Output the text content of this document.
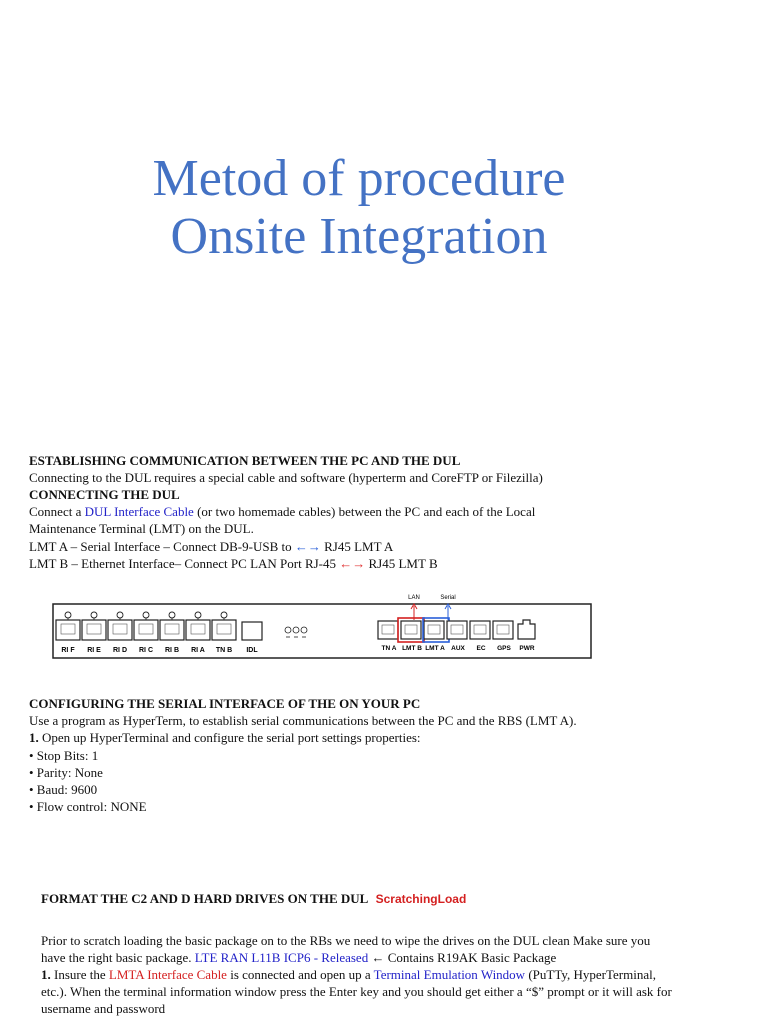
Metod of procedure
Onsite Integration
ESTABLISHING COMMUNICATION BETWEEN THE PC AND THE DUL
Connecting to the DUL requires a special cable and software (hyperterm and CoreFTP or Filezilla)
CONNECTING THE DUL
Connect a DUL Interface Cable (or two homemade cables) between the PC and each of the Local
Maintenance Terminal (LMT) on the DUL.
LMT A – Serial Interface – Connect DB-9-USB to ←→ RJ45 LMT A
LMT B – Ethernet Interface– Connect PC LAN Port RJ-45 ←→ RJ45 LMT B
RI F RI E RI D RI C RI B RI A TN B IDL	TN A LMT B LMT A AUX EC GPS PWR
LAN	Serial
CONFIGURING THE SERIAL INTERFACE OF THE ON YOUR PC
Use a program as HyperTerm, to establish serial communications between the PC and the RBS (LMT A).
1. Open up HyperTerminal and configure the serial port settings properties:
• Stop Bits: 1
• Parity: None
• Baud: 9600
• Flow control: NONE
FORMAT THE C2 AND D HARD DRIVES ON THE DUL ScratchingLoad
Prior to scratch loading the basic package on to the RBs we need to wipe the drives on the DUL clean Make sure you
have the right basic package. LTE RAN L11B ICP6 - Released ← Contains R19AK Basic Package
1. Insure the LMTA Interface Cable is connected and open up a Terminal Emulation Window (PuTTy, HyperTerminal,
etc.). When the terminal information window press the Enter key and you should get either a “$” prompt or it will ask for
username and password
